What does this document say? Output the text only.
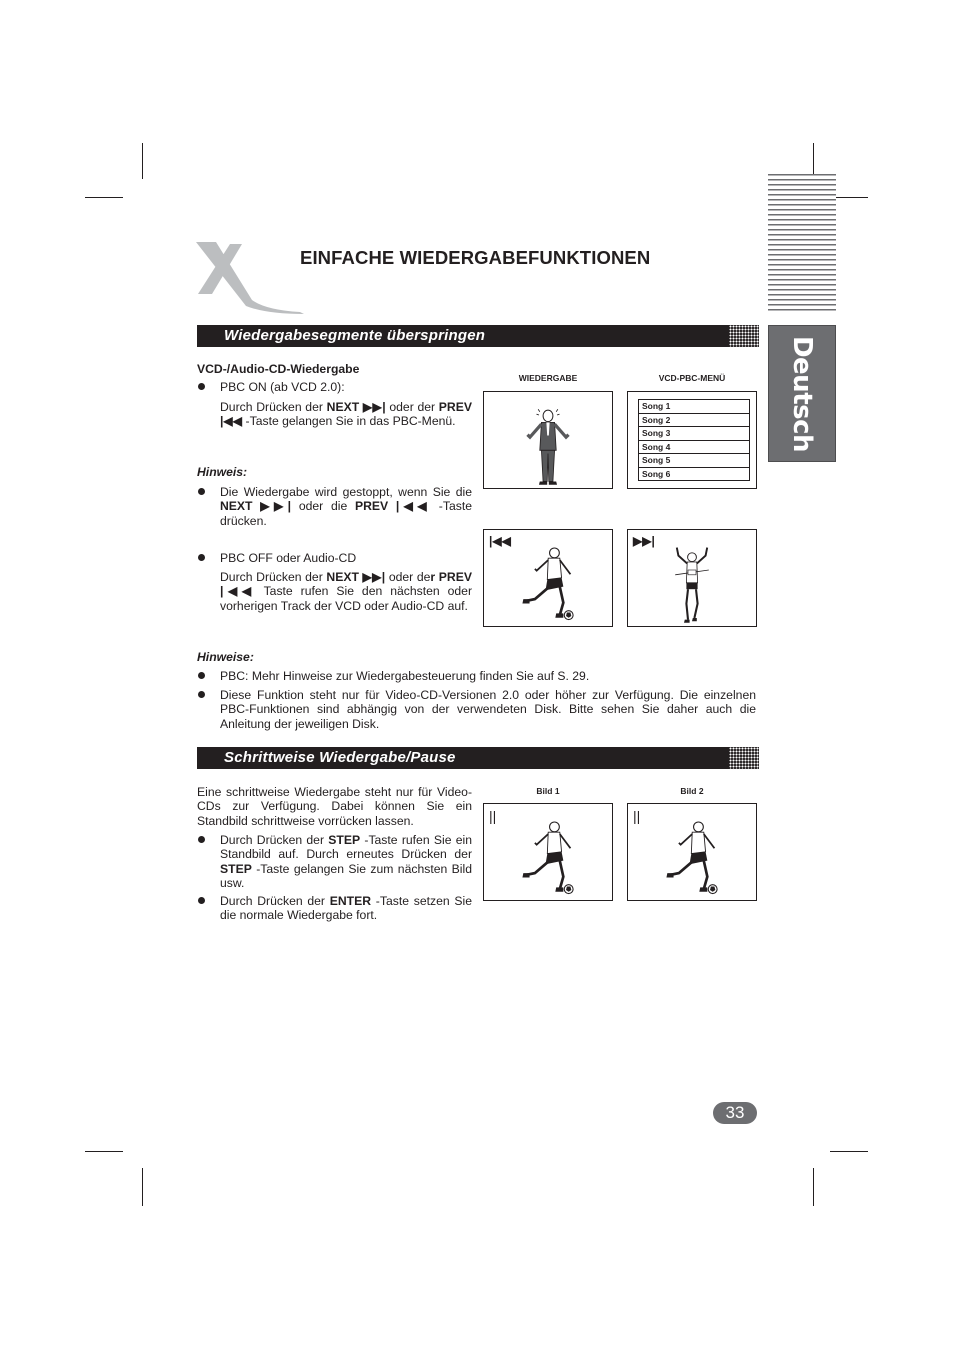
EINFACHE WIEDERGABEFUNKTIONEN
Deutsch
Wiedergabesegmente überspringen
VCD-/Audio-CD-Wiedergabe
PBC ON (ab VCD 2.0):
Durch Drücken der NEXT ▶▶| oder der PREV |◀◀ -Taste gelangen Sie in das PBC-Menü.
Hinweis:
Die Wiedergabe wird gestoppt, wenn Sie die NEXT ▶▶| oder die PREV |◀◀ -Taste drücken.
PBC OFF oder Audio-CD
Durch Drücken der NEXT ▶▶| oder der PREV |◀◀ Taste rufen Sie den nächsten oder vorherigen Track der VCD oder Audio-CD auf.
WIEDERGABE	VCD-PBC-MENÜ
Song 1
Song 2
Song 3
Song 4
Song 5
Song 6
|◀◀	▶▶|
Hinweise:
PBC: Mehr Hinweise zur Wiedergabesteuerung finden Sie auf S. 29.
Diese Funktion steht nur für Video-CD-Versionen 2.0 oder höher zur Verfügung. Die einzelnen PBC-Funktionen sind abhängig von der verwendeten Disk. Bitte sehen Sie daher auch die Anleitung der jeweiligen Disk.
Schrittweise Wiedergabe/Pause
Eine schrittweise Wiedergabe steht nur für Video-CDs zur Verfügung. Dabei können Sie ein Standbild schrittweise vorrücken lassen.
Durch Drücken der STEP -Taste rufen Sie ein Standbild auf. Durch erneutes Drücken der STEP -Taste gelangen Sie zum nächsten Bild usw.
Durch Drücken der ENTER -Taste setzen Sie die normale Wiedergabe fort.
Bild 1	Bild 2
||	||
33
